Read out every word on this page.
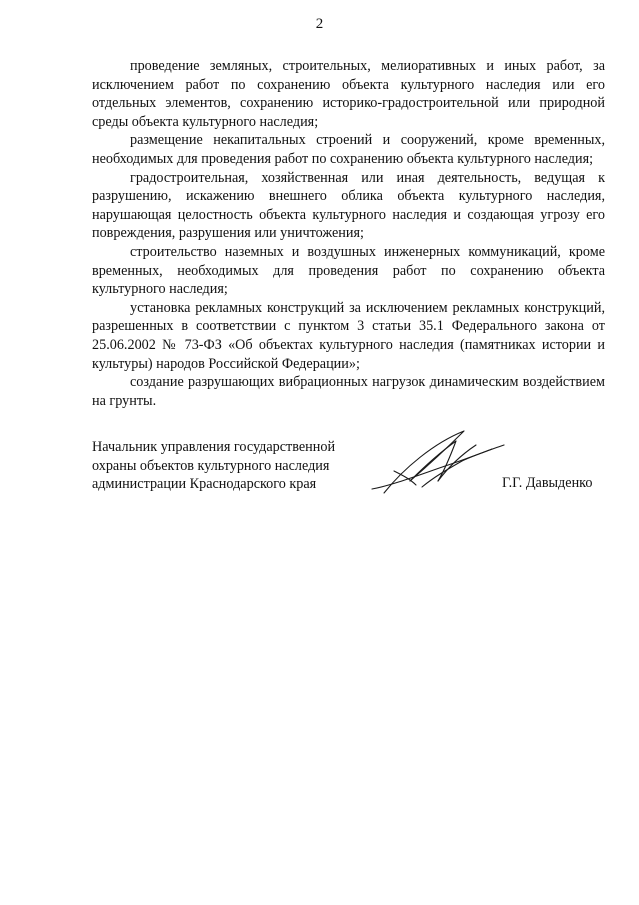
2

проведение земляных, строительных, мелиоративных и иных работ, за исключением работ по сохранению объекта культурного наследия или его отдельных элементов, сохранению историко-градостроительной или природной среды объекта культурного наследия;

размещение некапитальных строений и сооружений, кроме временных, необходимых для проведения работ по сохранению объекта культурного наследия;

градостроительная, хозяйственная или иная деятельность, ведущая к разрушению, искажению внешнего облика объекта культурного наследия, нарушающая целостность объекта культурного наследия и создающая угрозу его повреждения, разрушения или уничтожения;

строительство наземных и воздушных инженерных коммуникаций, кроме временных, необходимых для проведения работ по сохранению объекта культурного наследия;

установка рекламных конструкций за исключением рекламных конструкций, разрешенных в соответствии с пунктом 3 статьи 35.1 Федерального закона от 25.06.2002 № 73-ФЗ «Об объектах культурного наследия (памятниках истории и культуры) народов Российской Федерации»;

создание разрушающих вибрационных нагрузок динамическим воздействием на грунты.

Начальник управления государственной
охраны объектов культурного наследия
администрации Краснодарского края	Г.Г. Давыденко
